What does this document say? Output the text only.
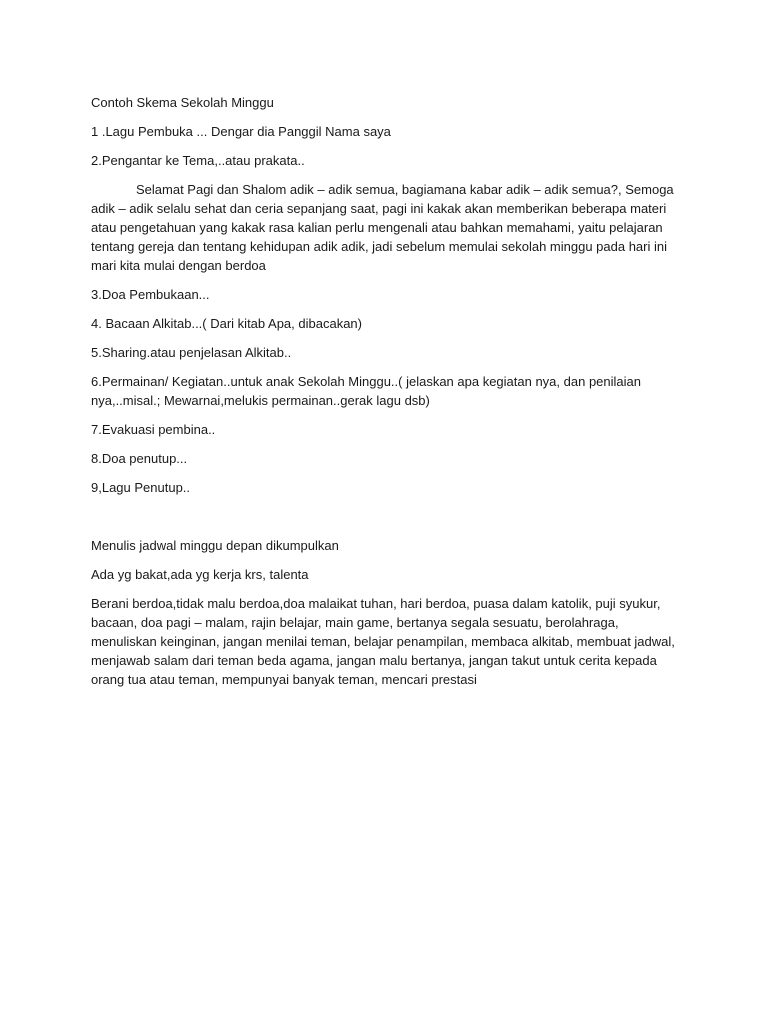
Contoh Skema Sekolah Minggu

1 .Lagu Pembuka ... Dengar dia Panggil Nama saya

2.Pengantar ke Tema,..atau prakata..

Selamat Pagi dan Shalom adik – adik semua, bagiamana kabar adik – adik semua?, Semoga adik – adik selalu sehat dan ceria sepanjang saat, pagi ini kakak akan memberikan beberapa materi atau pengetahuan yang kakak rasa kalian perlu mengenali atau bahkan memahami, yaitu pelajaran tentang gereja dan tentang kehidupan adik adik, jadi sebelum memulai sekolah minggu pada hari ini mari kita mulai dengan berdoa

3.Doa Pembukaan...

4. Bacaan Alkitab...( Dari kitab Apa, dibacakan)

5.Sharing.atau penjelasan Alkitab..

6.Permainan/ Kegiatan..untuk anak Sekolah Minggu..( jelaskan apa kegiatan nya, dan penilaian nya,..misal.; Mewarnai,melukis permainan..gerak lagu dsb)

7.Evakuasi pembina..

8.Doa penutup...

9,Lagu Penutup..

Menulis jadwal minggu depan dikumpulkan

Ada yg bakat,ada yg kerja krs, talenta

Berani berdoa,tidak malu berdoa,doa malaikat tuhan, hari berdoa, puasa dalam katolik, puji syukur, bacaan, doa pagi – malam, rajin belajar, main game, bertanya segala sesuatu, berolahraga, menuliskan keinginan, jangan menilai teman, belajar penampilan, membaca alkitab, membuat jadwal, menjawab salam dari teman beda agama, jangan malu bertanya, jangan takut untuk cerita kepada orang tua atau teman, mempunyai banyak teman, mencari prestasi
